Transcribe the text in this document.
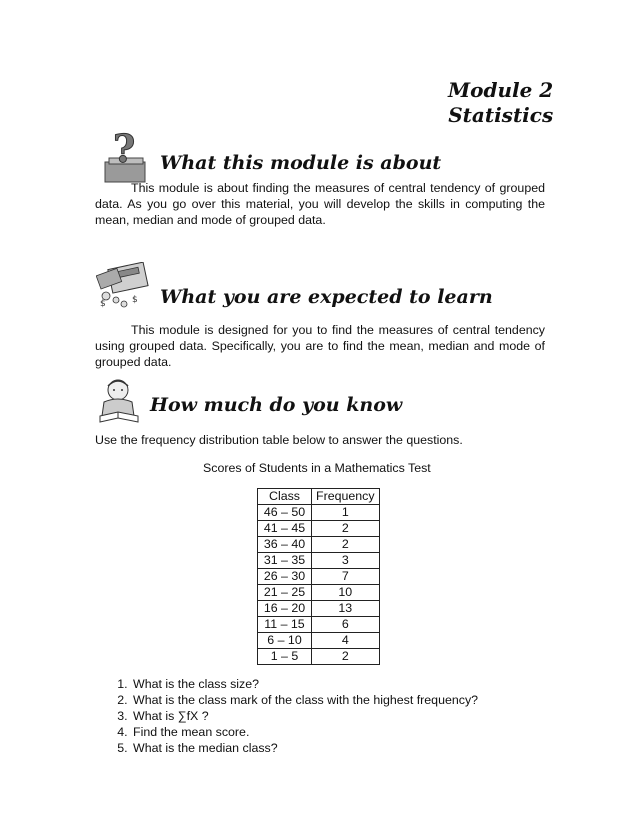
Module 2
Statistics
? What this module is about
This module is about finding the measures of central tendency of grouped data. As you go over this material, you will develop the skills in computing the mean, median and mode of grouped data.
$
$	What you are expected to learn
This module is designed for you to find the measures of central tendency using grouped data. Specifically, you are to find the mean, median and mode of grouped data.
How much do you know
Use the frequency distribution table below to answer the questions.
Scores of Students in a Mathematics Test
Class	Frequency
46 – 50	1
41 – 45	2
36 – 40	2
31 – 35	3
26 – 30	7
21 – 25	10
16 – 20	13
11 – 15	6
6 – 10	4
1 – 5	2
1. What is the class size?
2. What is the class mark of the class with the highest frequency?
3. What is ∑fX ?
4. Find the mean score.
5. What is the median class?
